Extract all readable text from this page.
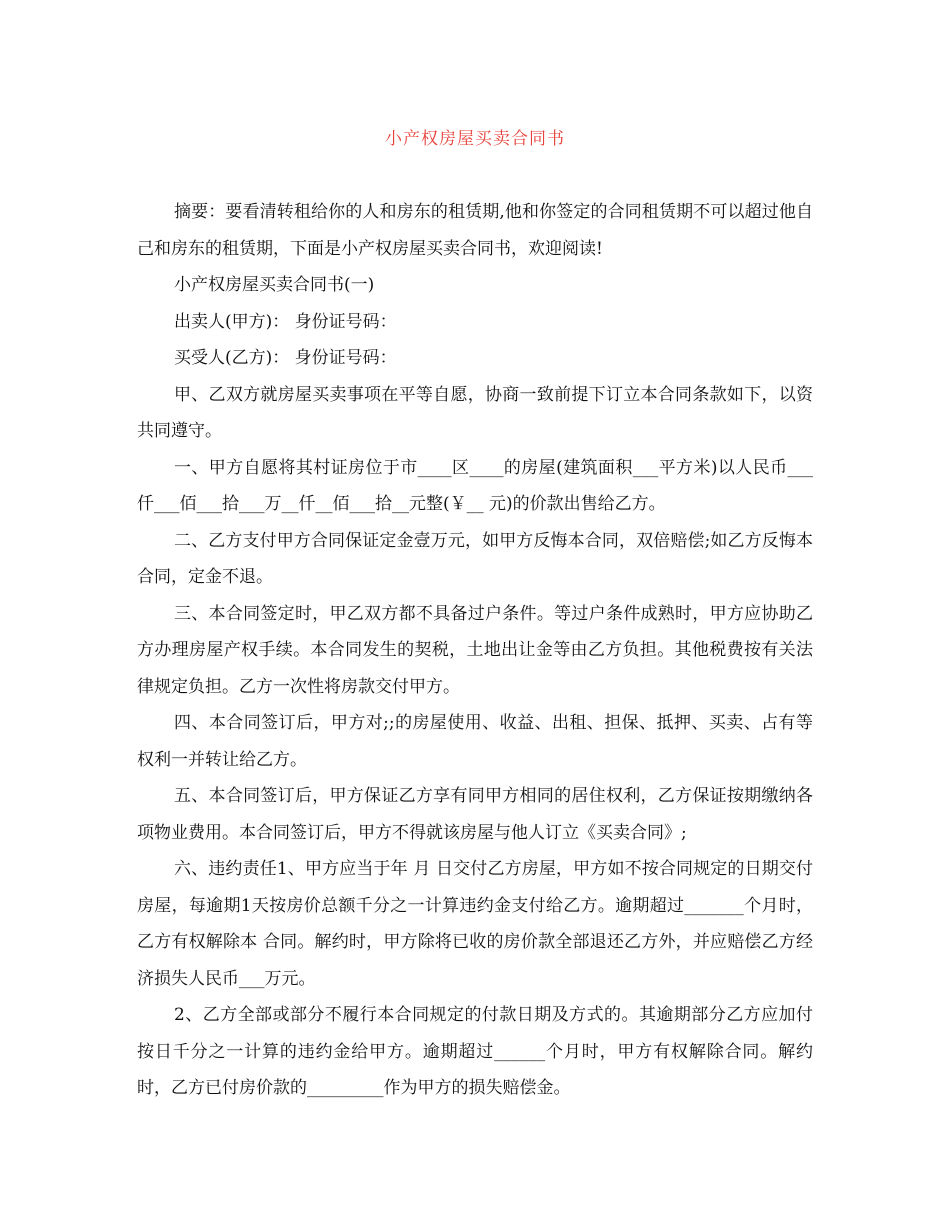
小产权房屋买卖合同书

摘要：要看清转租给你的人和房东的租赁期,他和你签定的合同租赁期不可以超过他自己和房东的租赁期，下面是小产权房屋买卖合同书，欢迎阅读!

小产权房屋买卖合同书(一)

出卖人(甲方)： 身份证号码：

买受人(乙方)： 身份证号码：

甲、乙双方就房屋买卖事项在平等自愿，协商一致前提下订立本合同条款如下，以资共同遵守。

一、甲方自愿将其村证房位于市____区____的房屋(建筑面积___平方米)以人民币___仟___佰___拾___万__仟__佰___拾__元整(￥__ 元)的价款出售给乙方。

二、乙方支付甲方合同保证定金壹万元，如甲方反悔本合同，双倍赔偿;如乙方反悔本合同，定金不退。

三、本合同签定时，甲乙双方都不具备过户条件。等过户条件成熟时，甲方应协助乙方办理房屋产权手续。本合同发生的契税，土地出让金等由乙方负担。其他税费按有关法律规定负担。乙方一次性将房款交付甲方。

四、本合同签订后，甲方对;;的房屋使用、收益、出租、担保、抵押、买卖、占有等权利一并转让给乙方。

五、本合同签订后，甲方保证乙方享有同甲方相同的居住权利，乙方保证按期缴纳各项物业费用。本合同签订后，甲方不得就该房屋与他人订立《买卖合同》;

六、违约责任1、甲方应当于年 月 日交付乙方房屋，甲方如不按合同规定的日期交付房屋，每逾期1天按房价总额千分之一计算违约金支付给乙方。逾期超过_______个月时，乙方有权解除本 合同。解约时，甲方除将已收的房价款全部退还乙方外，并应赔偿乙方经济损失人民币___万元。

2、乙方全部或部分不履行本合同规定的付款日期及方式的。其逾期部分乙方应加付按日千分之一计算的违约金给甲方。逾期超过______个月时，甲方有权解除合同。解约时，乙方已付房价款的_________作为甲方的损失赔偿金。
